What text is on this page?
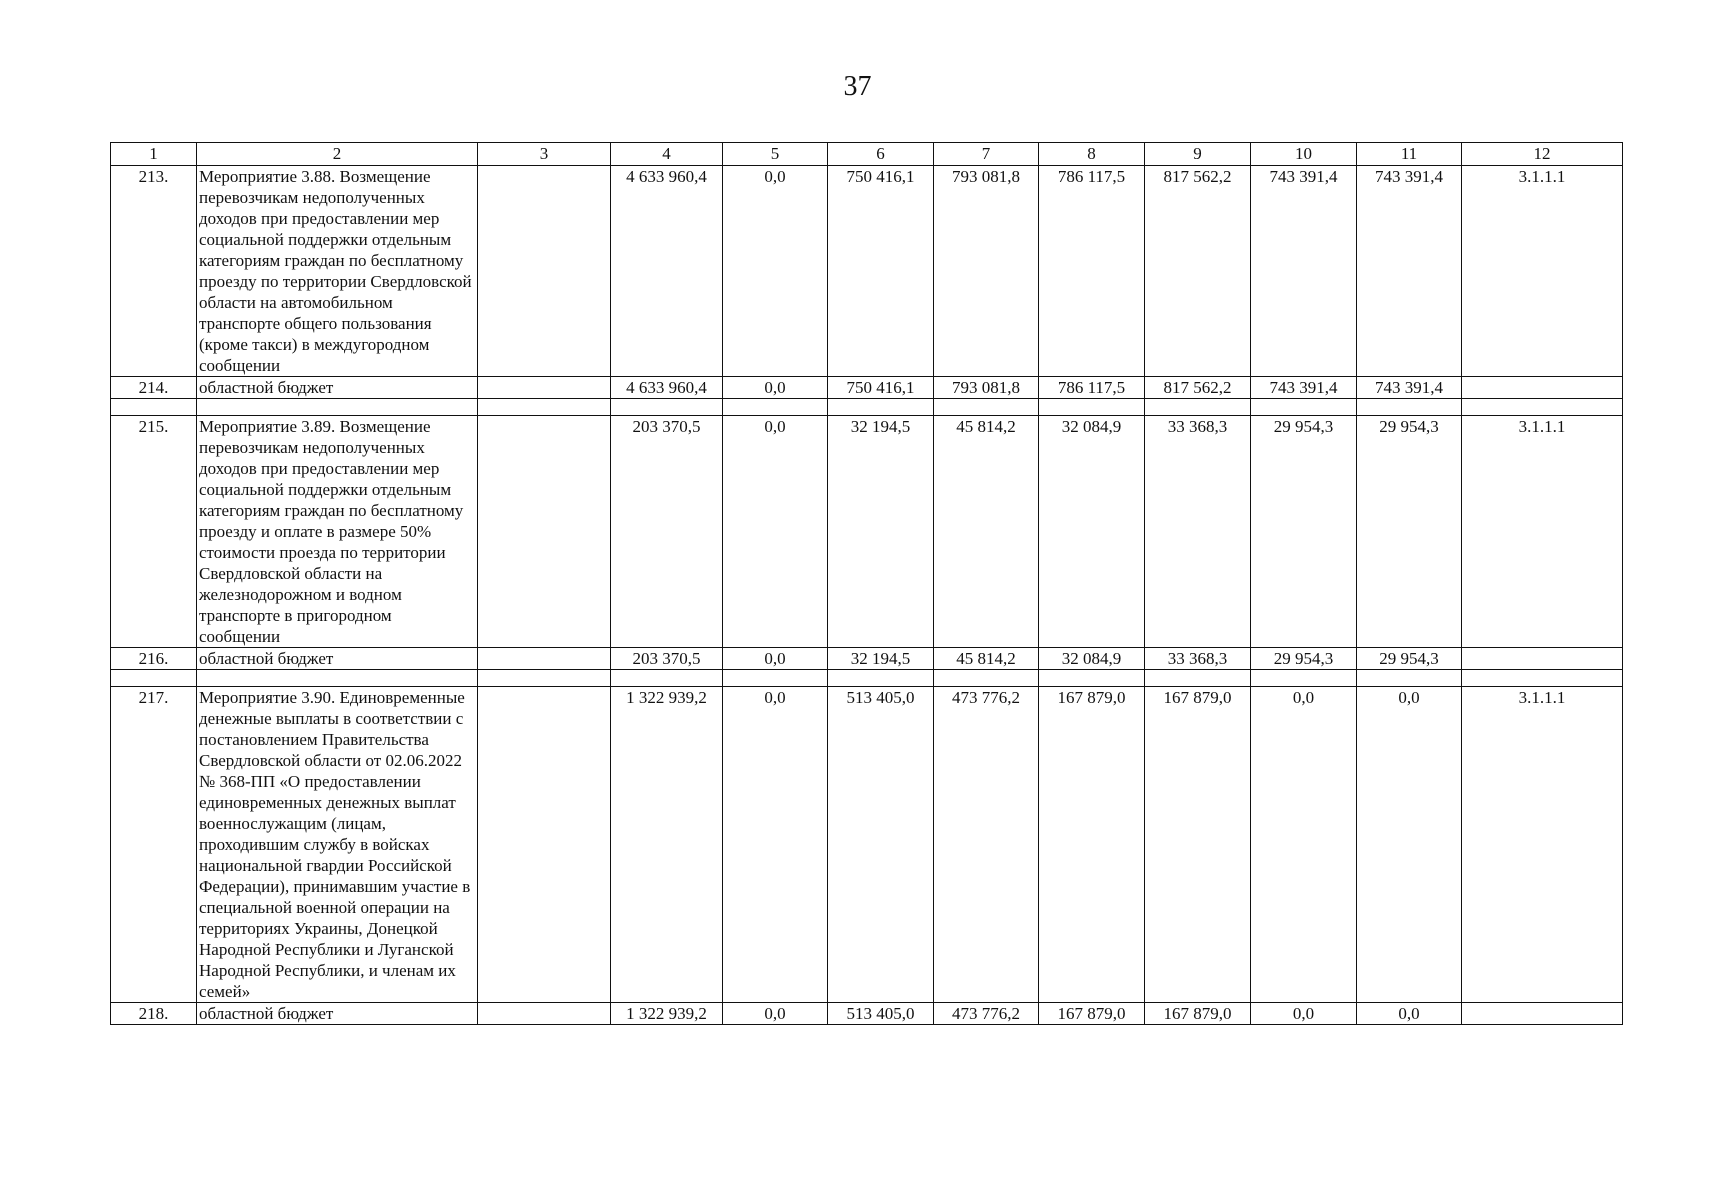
37
1	2	3	4	5	6	7	8	9	10	11	12
213.	Мероприятие 3.88. Возмещение перевозчикам недополученных доходов при предоставлении мер социальной поддержки отдельным категориям граждан по бесплатному проезду по территории Свердловской области на автомобильном транспорте общего пользования (кроме такси) в междугородном сообщении		4 633 960,4	0,0	750 416,1	793 081,8	786 117,5	817 562,2	743 391,4	743 391,4	3.1.1.1
214.	областной бюджет		4 633 960,4	0,0	750 416,1	793 081,8	786 117,5	817 562,2	743 391,4	743 391,4	

215.	Мероприятие 3.89. Возмещение перевозчикам недополученных доходов при предоставлении мер социальной поддержки отдельным категориям граждан по бесплатному проезду и оплате в размере 50% стоимости проезда по территории Свердловской области на железнодорожном и водном транспорте в пригородном сообщении		203 370,5	0,0	32 194,5	45 814,2	32 084,9	33 368,3	29 954,3	29 954,3	3.1.1.1
216.	областной бюджет		203 370,5	0,0	32 194,5	45 814,2	32 084,9	33 368,3	29 954,3	29 954,3	

217.	Мероприятие 3.90. Единовременные денежные выплаты в соответствии с постановлением Правительства Свердловской области от 02.06.2022 № 368-ПП «О предоставлении единовременных денежных выплат военнослужащим (лицам, проходившим службу в войсках национальной гвардии Российской Федерации), принимавшим участие в специальной военной операции на территориях Украины, Донецкой Народной Республики и Луганской Народной Республики, и членам их семей»		1 322 939,2	0,0	513 405,0	473 776,2	167 879,0	167 879,0	0,0	0,0	3.1.1.1
218.	областной бюджет		1 322 939,2	0,0	513 405,0	473 776,2	167 879,0	167 879,0	0,0	0,0	
